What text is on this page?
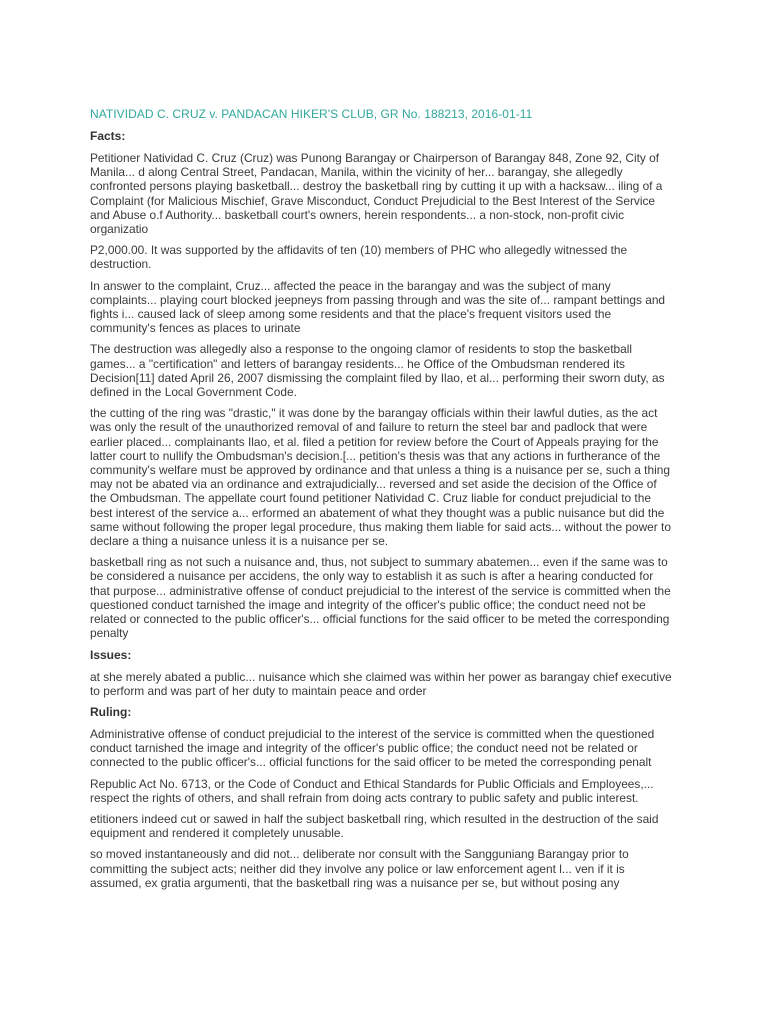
NATIVIDAD C. CRUZ v. PANDACAN HIKER'S CLUB, GR No. 188213, 2016-01-11
Facts:

Petitioner Natividad C. Cruz (Cruz) was Punong Barangay or Chairperson of Barangay 848, Zone 92, City of
Manila... d along Central Street, Pandacan, Manila, within the vicinity of her... barangay, she allegedly
confronted persons playing basketball... destroy the basketball ring by cutting it up with a hacksaw... iling of a
Complaint (for Malicious Mischief, Grave Misconduct, Conduct Prejudicial to the Best Interest of the Service
and Abuse o.f Authority... basketball court's owners, herein respondents... a non-stock, non-profit civic
organizatio

P2,000.00. It was supported by the affidavits of ten (10) members of PHC who allegedly witnessed the
destruction.

In answer to the complaint, Cruz... affected the peace in the barangay and was the subject of many
complaints... playing court blocked jeepneys from passing through and was the site of... rampant bettings and
fights i... caused lack of sleep among some residents and that the place's frequent visitors used the
community's fences as places to urinate

The destruction was allegedly also a response to the ongoing clamor of residents to stop the basketball
games... a "certification" and letters of barangay residents... he Office of the Ombudsman rendered its
Decision[11] dated April 26, 2007 dismissing the complaint filed by Ilao, et al... performing their sworn duty, as
defined in the Local Government Code.

the cutting of the ring was "drastic," it was done by the barangay officials within their lawful duties, as the act
was only the result of the unauthorized removal of and failure to return the steel bar and padlock that were
earlier placed... complainants Ilao, et al. filed a petition for review before the Court of Appeals praying for the
latter court to nullify the Ombudsman's decision.[... petition's thesis was that any actions in furtherance of the
community's welfare must be approved by ordinance and that unless a thing is a nuisance per se, such a thing
may not be abated via an ordinance and extrajudicially... reversed and set aside the decision of the Office of
the Ombudsman. The appellate court found petitioner Natividad C. Cruz liable for conduct prejudicial to the
best interest of the service a... erformed an abatement of what they thought was a public nuisance but did the
same without following the proper legal procedure, thus making them liable for said acts... without the power to
declare a thing a nuisance unless it is a nuisance per se.

basketball ring as not such a nuisance and, thus, not subject to summary abatemen... even if the same was to
be considered a nuisance per accidens, the only way to establish it as such is after a hearing conducted for
that purpose... administrative offense of conduct prejudicial to the interest of the service is committed when the
questioned conduct tarnished the image and integrity of the officer's public office; the conduct need not be
related or connected to the public officer's... official functions for the said officer to be meted the corresponding
penalty

Issues:

at she merely abated a public... nuisance which she claimed was within her power as barangay chief executive
to perform and was part of her duty to maintain peace and order

Ruling:

Administrative offense of conduct prejudicial to the interest of the service is committed when the questioned
conduct tarnished the image and integrity of the officer's public office; the conduct need not be related or
connected to the public officer's... official functions for the said officer to be meted the corresponding penalt

Republic Act No. 6713, or the Code of Conduct and Ethical Standards for Public Officials and Employees,...
respect the rights of others, and shall refrain from doing acts contrary to public safety and public interest.

etitioners indeed cut or sawed in half the subject basketball ring, which resulted in the destruction of the said
equipment and rendered it completely unusable.

so moved instantaneously and did not... deliberate nor consult with the Sangguniang Barangay prior to
committing the subject acts; neither did they involve any police or law enforcement agent l... ven if it is
assumed, ex gratia argumenti, that the basketball ring was a nuisance per se, but without posing any
